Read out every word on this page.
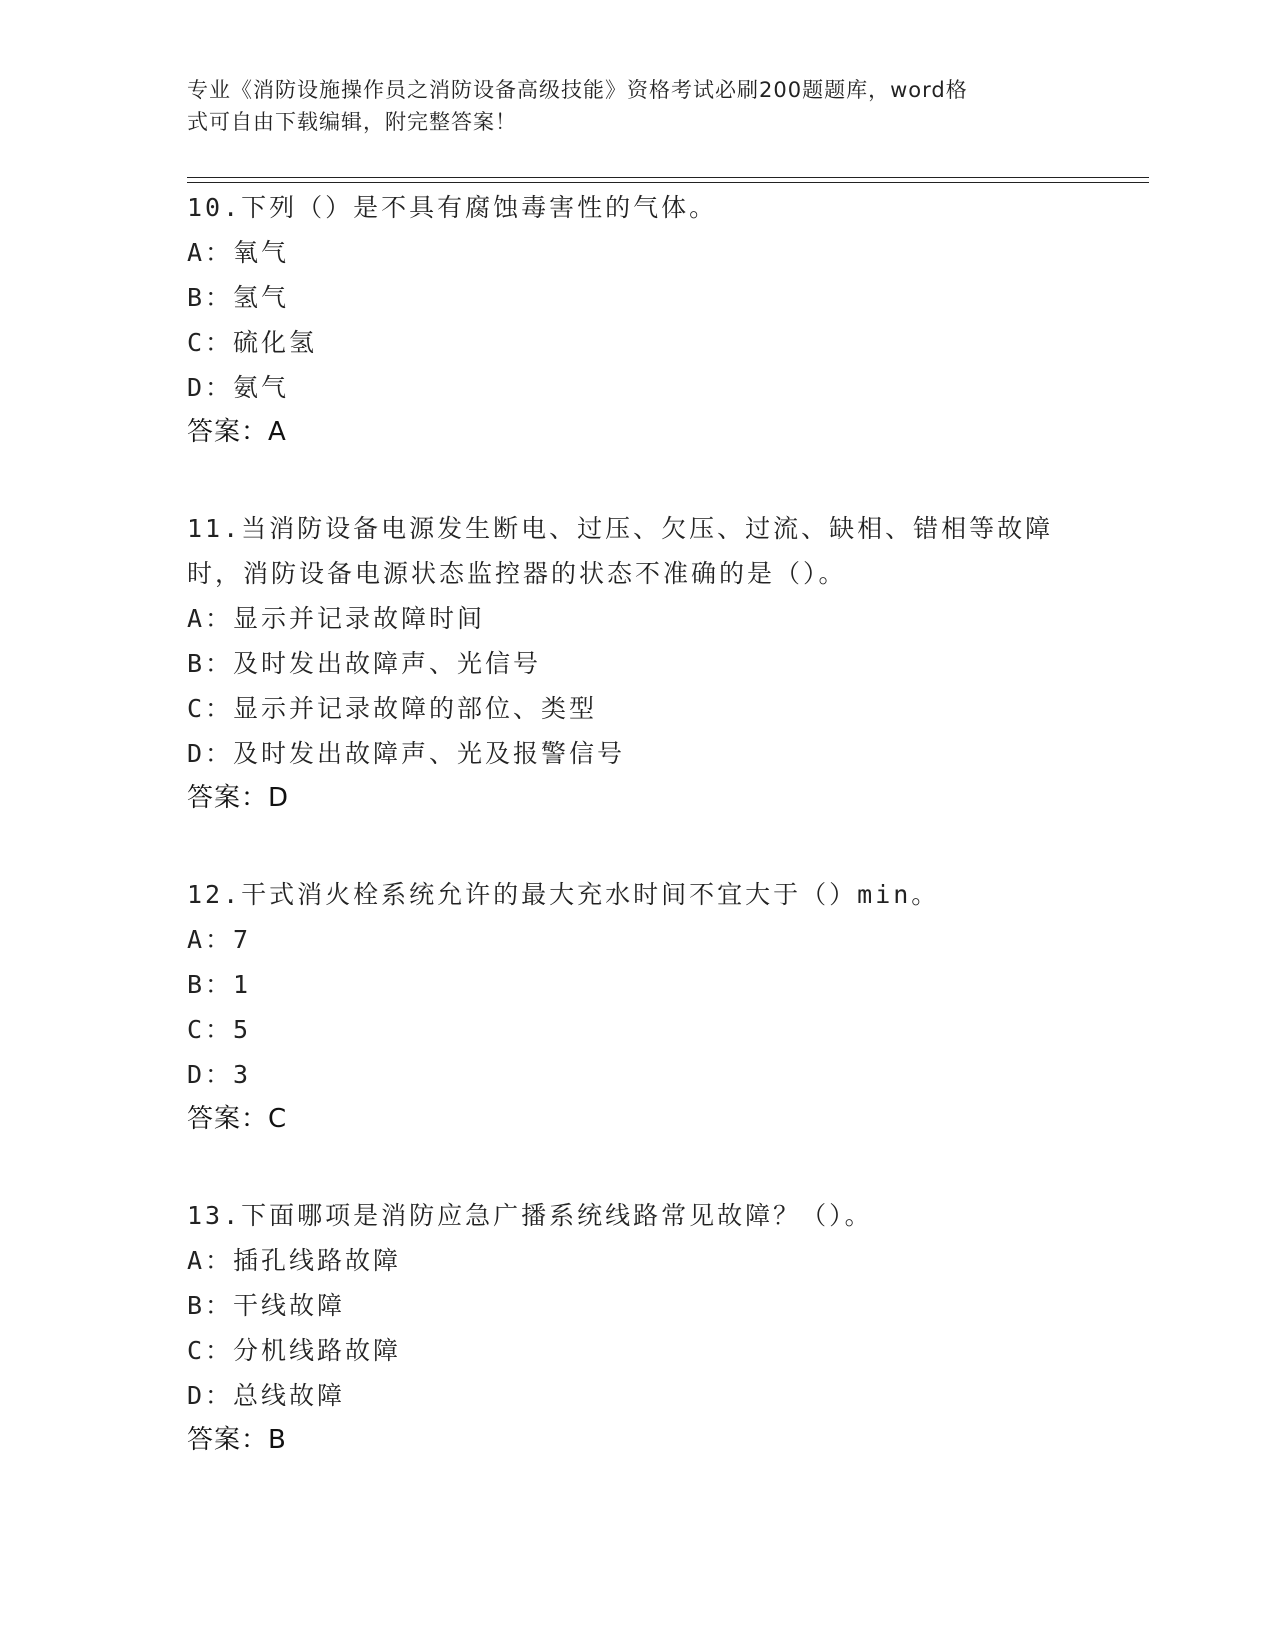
专业《消防设施操作员之消防设备高级技能》资格考试必刷200题题库，word格
式可自由下载编辑，附完整答案！
10.下列（）是不具有腐蚀毒害性的气体。
A：氧气
B：氢气
C：硫化氢
D：氨气
答案：A
11.当消防设备电源发生断电、过压、欠压、过流、缺相、错相等故障
时，消防设备电源状态监控器的状态不准确的是（）。
A：显示并记录故障时间
B：及时发出故障声、光信号
C：显示并记录故障的部位、类型
D：及时发出故障声、光及报警信号
答案：D
12.干式消火栓系统允许的最大充水时间不宜大于（）min。
A：7
B：1
C：5
D：3
答案：C
13.下面哪项是消防应急广播系统线路常见故障？（）。
A：插孔线路故障
B：干线故障
C：分机线路故障
D：总线故障
答案：B
